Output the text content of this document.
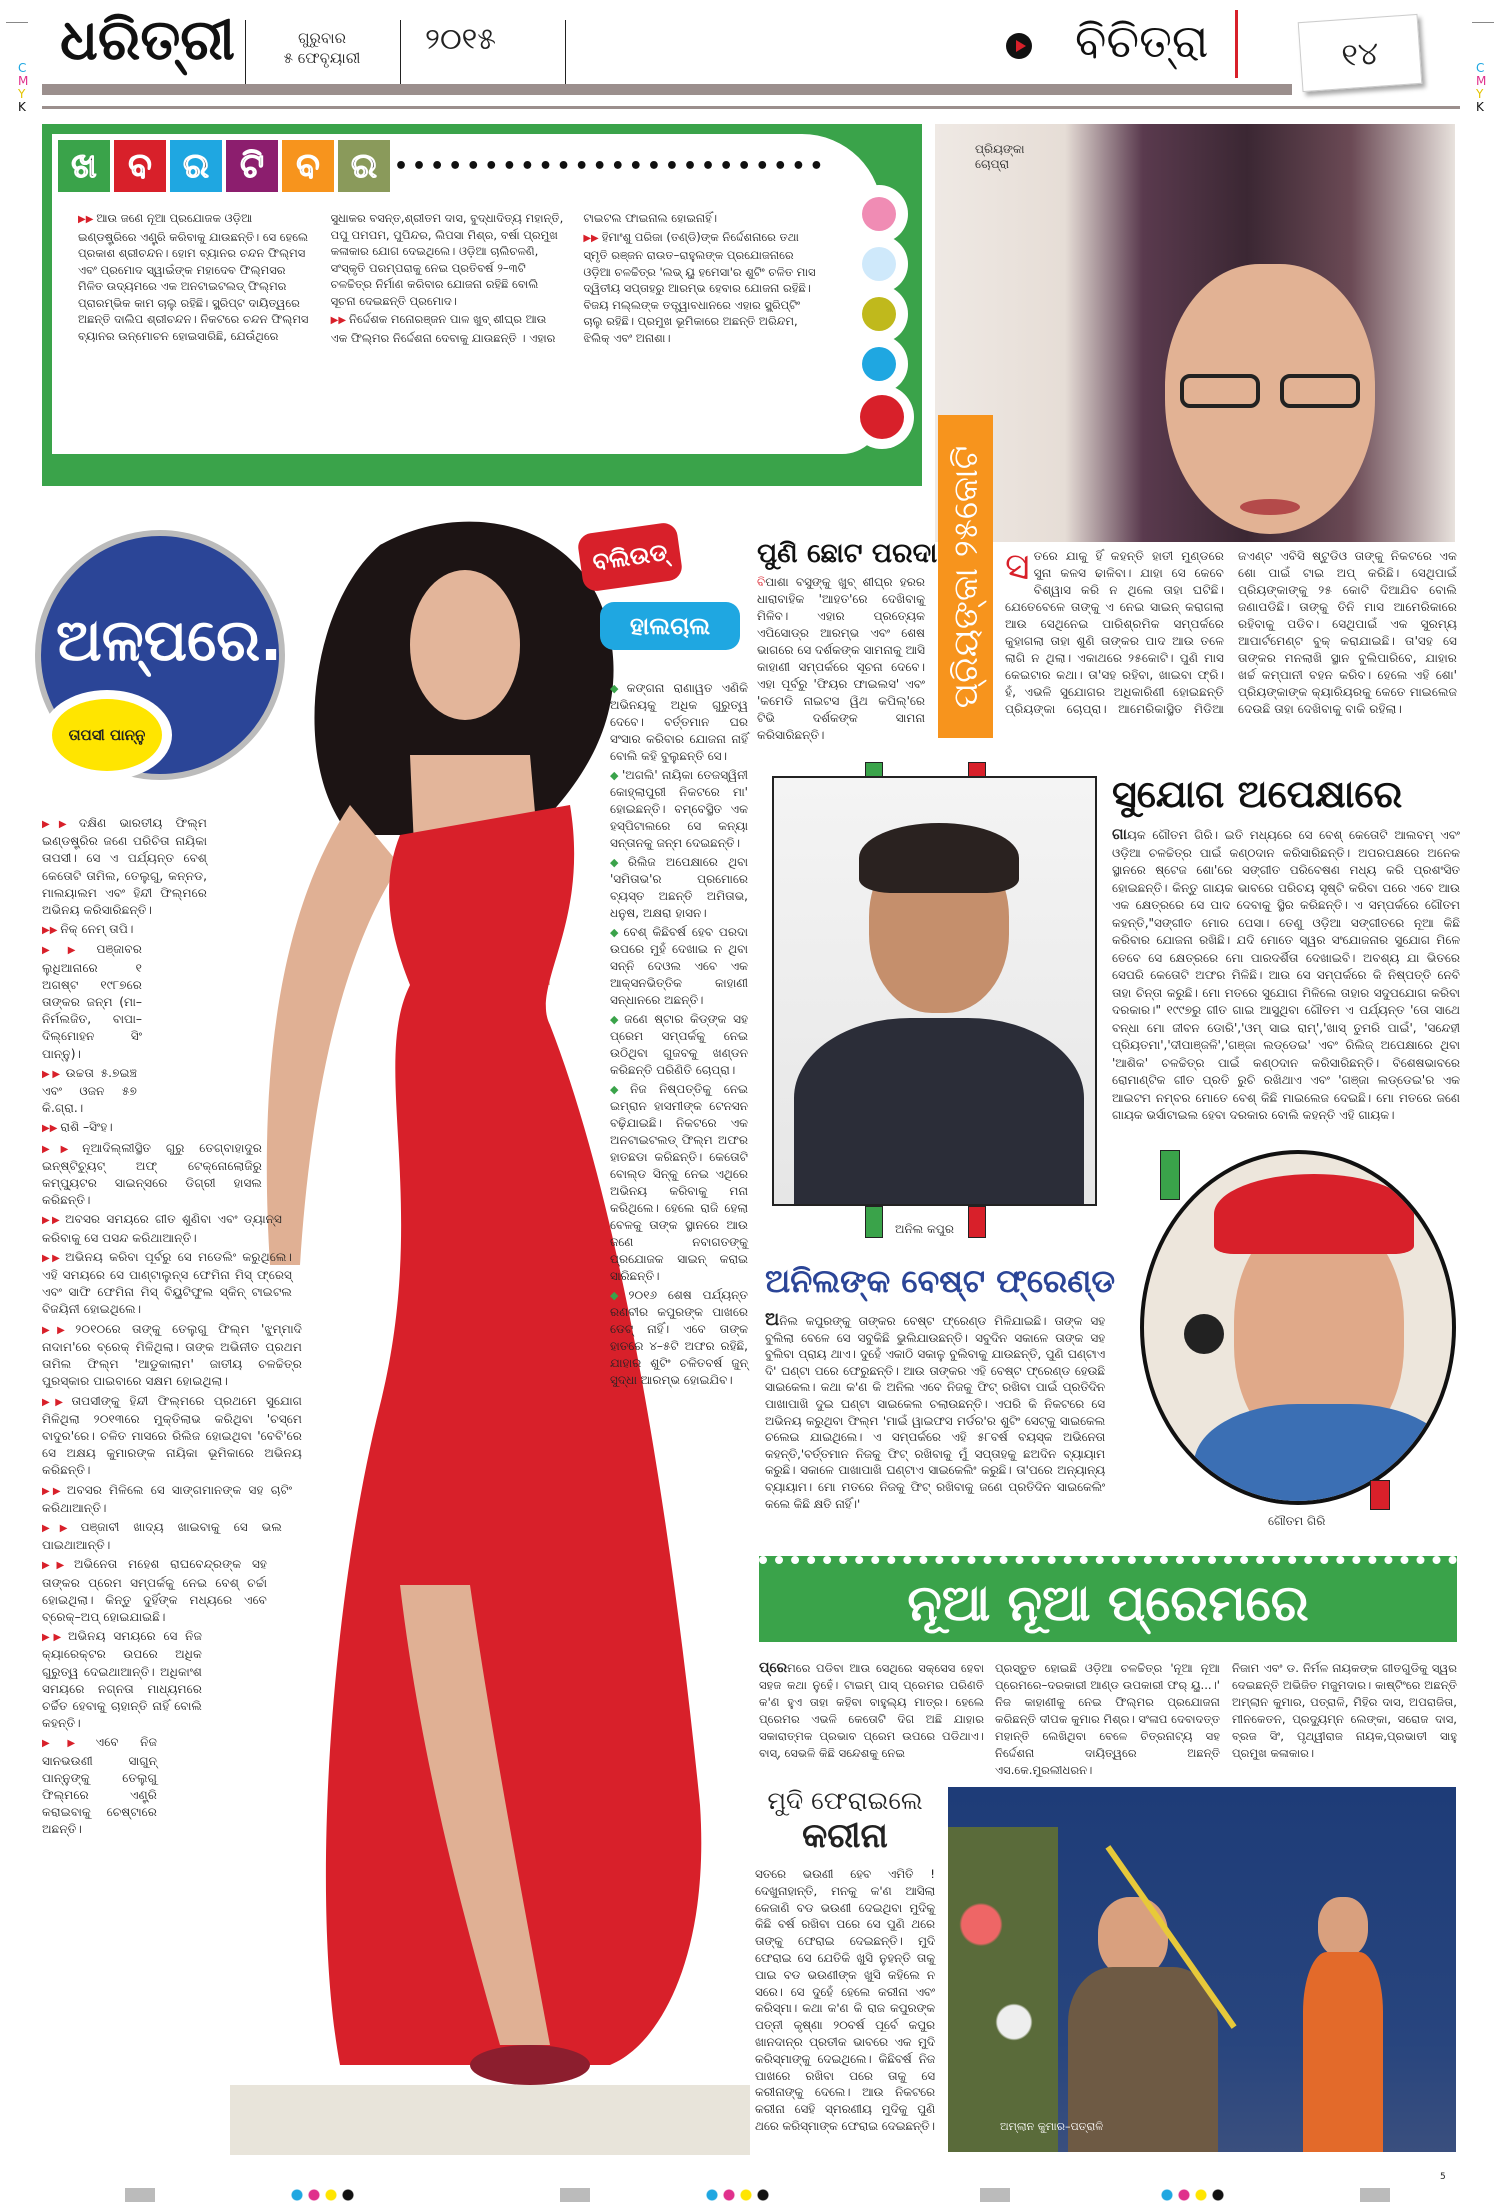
C
M
Y
K
C
M
Y
K
ଧରିତ୍ରୀ	ଗୁରୁବାର
୫ ଫେବୃୟାରୀ
୨୦୧୫	ବିଚିତ୍ରା	୧୪
ଖ ବ ର ଟି ବ ର ••••••••••••••••••••••••

▶▶ ଆଉ ଜଣେ ନୂଆ ପ୍ରଯୋଜକ ଓଡ଼ିଆ ଇଣ୍ଡଷ୍ଟ୍ରିରେ ଏଣ୍ଟ୍ରି କରିବାକୁ ଯାଉଛନ୍ତି। ସେ ହେଲେ ପ୍ରକାଶ ଶ୍ରୀଚନ୍ଦନ। ହୋମ ବ୍ୟାନର ଚନ୍ଦନ ଫିଲ୍ମସ ଏବଂ ପ୍ରମୋଦ ସ୍ୱାଇଁଙ୍କ ମହାଦେବ ଫିଲ୍ମସର ମିଳିତ ଉଦ୍ୟମରେ ଏକ ଅନଟାଇଟଲଡ୍ ଫିଲ୍ମର ପ୍ରାରମ୍ଭିକ କାମ ଚାଲୁ ରହିଛି। ସ୍କ୍ରିପ୍ଟ ଦାୟିତ୍ୱରେ ଅଛନ୍ତି ଦାଲିପ ଶ୍ରୀଚନ୍ଦନ। ନିକଟରେ ଚନ୍ଦନ ଫିଲ୍ମସ ବ୍ୟାନର ଉନ୍ମୋଚନ ହୋଇସାରିଛି, ଯେଉଁଥିରେ ସୁଧାକର ବସନ୍ତ,ଶ୍ରୀତମ ଦାସ, ବୁଦ୍ଧାଦିତ୍ୟ ମହାନ୍ତି, ପପୁ ପମପମ, ପୁପିନ୍ଦର, ଲିପସା ମିଶ୍ର, ବର୍ଷା ପ୍ରମୁଖ କଳାକାର ଯୋଗ ଦେଇଥିଲେ। ଓଡ଼ିଆ ଚାଲିଚଳଣି, ସଂସ୍କୃତି ପରମ୍ପରାକୁ ନେଇ ପ୍ରତିବର୍ଷ ୨–୩ଟି ଚଳଚ୍ଚିତ୍ର ନିର୍ମାଣ କରିବାର ଯୋଜନା ରହିଛି ବୋଲି ସୂଚନା ଦେଇଛନ୍ତି ପ୍ରମୋଦ।

▶▶ ନିର୍ଦ୍ଦେଶକ ମନୋରଞ୍ଜନ ପାଳ ଖୁବ୍ ଶୀଘ୍ର ଆଉ ଏକ ଫିଲ୍ମର ନିର୍ଦ୍ଦେଶନା ଦେବାକୁ ଯାଉଛନ୍ତି । ଏହାର ଟାଇଟଲ ଫାଇନାଲ ହୋଇନାହିଁ।

▶▶ ହିମାଂଶୁ ପରିଜା (ତଣ୍ଡି)ଙ୍କ ନିର୍ଦ୍ଦେଶନାରେ ତଥା ସ୍ମୃତି ରଞ୍ଜନ ରାଉତ–ରାହୁଲଙ୍କ ପ୍ରଯୋଜନାରେ ଓଡ଼ିଆ ଚଳଚ୍ଚିତ୍ର 'ଲଭ୍ ୟୁ ହମେସା'ର ଶୁଟିଂ ଚଳିତ ମାସ ଦ୍ୱିତୀୟ ସପ୍ତାହରୁ ଆରମ୍ଭ ହେବାର ଯୋଜନା ରହିଛି। ବିଜୟ ମଲ୍ଲଙ୍କ ତତ୍ତ୍ୱାବଧାନରେ ଏହାର ସ୍କ୍ରିପ୍ଟିଂ ଚାଲୁ ରହିଛି। ପ୍ରମୁଖ ଭୂମିକାରେ ଅଛନ୍ତି ଅରିନ୍ଦମ, ଝିଲିକ୍ ଏବଂ ଅନାଶା।

ପ୍ରିୟଙ୍କା ଚୋପ୍ରା
ପ୍ରିୟଙ୍କା ୨୫କୋଟି ସତରେ ଯାକୁ ହିଁ କହନ୍ତି ହାତୀ ମୁଣ୍ଡରେ ସୁନା କଳସ ଢାଳିବା। ଯାହା ସେ କେବେ ବିଶ୍ୱାସ କରି ନ ଥିଲେ ତାହା ଘଟିଛି। ଯେତେବେଳେ ତାଙ୍କୁ ଏ ନେଇ ସାଇନ୍ କରାଗଲା ଆଉ ସେଥିନେଇ ପାରିଶ୍ରମିକ ସମ୍ପର୍କରେ କୁହାଗଲା ତାହା ଶୁଣି ତାଙ୍କର ପାଦ ଆଉ ତଳେ ଲାଗି ନ ଥିଲା। ଏକାଥରେ ୨୫କୋଟି। ପୁଣି ମାସ କେଇଟାର କଥା। ତା'ସହ ରହିବା, ଖାଇବା ଫ୍ରି। ହଁ, ଏଭଳି ସୁଯୋଗର ଅଧିକାରିଣୀ ହୋଇଛନ୍ତି ପ୍ରିୟଙ୍କା ଚୋପ୍ରା। ଆମେରିକାସ୍ଥିତ ମିଡିଆ ଜଏଣ୍ଟ ଏବିସି ଷ୍ଟୁଡିଓ ତାଙ୍କୁ ନିକଟରେ ଏକ ଶୋ ପାଇଁ ଟାଇ ଅପ୍ କରିଛି। ସେଥିପାଇଁ ପ୍ରିୟଙ୍କାଙ୍କୁ ୨୫ କୋଟି ଦିଆଯିବ ବୋଲି ଜଣାପଡିଛି। ତାଙ୍କୁ ତିନି ମାସ ଆମେରିକାରେ ରହିବାକୁ ପଡିବ। ସେଥିପାଇଁ ଏକ ସୁରମ୍ୟ ଆପାର୍ଟମେଣ୍ଟ ବୁକ୍ କରାଯାଇଛି। ତା'ସହ ସେ ତାଙ୍କର ମନଲାଖି ସ୍ଥାନ ବୁଲିପାରିବେ, ଯାହାର ଖର୍ଚ୍ଚ କମ୍ପାନୀ ବହନ କରିବ। ହେଲେ ଏହି ଶୋ' ପ୍ରିୟଙ୍କାଙ୍କ କ୍ୟାରିୟରକୁ କେତେ ମାଇଲେଜ ଦେଉଛି ତାହା ଦେଖିବାକୁ ବାକି ରହିଲା।
ଅଳ୍ପରେ..
ତାପସୀ ପାନ୍ନୁ

▶▶ ଦକ୍ଷିଣ ଭାରତୀୟ ଫିଲ୍ମ ଇଣ୍ଡଷ୍ଟ୍ରିର ଜଣେ ପରିଚିତା ନାୟିକା ତାପସୀ। ସେ ଏ ପର୍ଯ୍ୟନ୍ତ ବେଶ୍ କେତୋଟି ତାମିଲ, ତେଲୁଗୁ, କନ୍ନଡ, ମାଲୟାଲମ ଏବଂ ହିନ୍ଦୀ ଫିଲ୍ମରେ ଅଭିନୟ କରିସାରିଛନ୍ତି।

▶▶ ନିକ୍ ନେମ୍ ତାପି।

▶▶ ପଞ୍ଜାବର ଲୁଧିଆନାରେ ୧ ଅଗଷ୍ଟ ୧୯୮୭ରେ ତାଙ୍କର ଜନ୍ମ (ମା–ନିର୍ମଲଜିତ, ବାପା–ଦିଲ୍‌ମୋହନ ସିଂ ପାନ୍ନୁ)।

▶▶ ଉଚ୍ଚତା ୫.୭ଇଞ୍ଚ ଏବଂ ଓଜନ ୫୭ କି.ଗ୍ରା.।

▶▶ ରାଶି –ସିଂହ।

▶▶ ନୂଆଦିଲ୍ଲୀସ୍ଥିତ ଗୁରୁ ତେଗ୍‌ବାହାଦୁର ଇନ୍‌ଷ୍ଟିଚ୍ୟୁଟ୍ ଅଫ୍ ଟେକ୍ନୋଲୋଜିରୁ କମ୍ପ୍ୟୁଟର ସାଇନ୍ସରେ ଡିଗ୍ରୀ ହାସଲ କରିଛନ୍ତି।

▶▶ ଅବସର ସମୟରେ ଗୀତ ଶୁଣିବା ଏବଂ ଡ୍ୟାନ୍ସ କରିବାକୁ ସେ ପସନ୍ଦ କରିଥାଆନ୍ତି।

▶▶ ଅଭିନୟ କରିବା ପୂର୍ବରୁ ସେ ମଡେଲିଂ କରୁଥିଲେ। ଏହି ସମୟରେ ସେ ପାଣ୍ଟାଲୁନ୍ସ ଫେମିନା ମିସ୍ ଫ୍ରେସ୍ ଏବଂ ସାଫି ଫେମିନା ମିସ୍ ବିୟୁଟିଫୁଲ ସ୍କିନ୍ ଟାଇଟଲ ବିଜୟିନୀ ହୋଇଥିଲେ।

▶▶ ୨୦୧୦ରେ ତାଙ୍କୁ ତେଲୁଗୁ ଫିଲ୍ମ 'ଝୁମ୍ମାଦି ନାଦାମ'ରେ ବ୍ରେକ୍ ମିଳିଥିଲା। ତାଙ୍କ ଅଭିନୀତ ପ୍ରଥମ ତାମିଲ ଫିଲ୍ମ 'ଆଡୁକାଲାମ' ଜାତୀୟ ଚଳଚ୍ଚିତ୍ର ପୁରସ୍କାର ପାଇବାରେ ସକ୍ଷମ ହୋଇଥିଲା।

▶▶ ତାପସୀଙ୍କୁ ହିନ୍ଦୀ ଫିଲ୍ମରେ ପ୍ରଥମେ ସୁଯୋଗ ମିଳିଥିଲା ୨୦୧୩ରେ ମୁକ୍ତିଲାଭ କରିଥିବା 'ଚସ୍‌ମେ ବାଦୁର'ରେ। ଚଳିତ ମାସରେ ରିଲିଜ ହୋଇଥିବା 'ବେବି'ରେ ସେ ଅକ୍ଷୟ କୁମାରଙ୍କ ନାୟିକା ଭୂମିକାରେ ଅଭିନୟ କରିଛନ୍ତି।

▶▶ ଅବସର ମିଳିଲେ ସେ ସାଙ୍ଗମାନଙ୍କ ସହ ଚାଟିଂ କରିଥାଆନ୍ତି।

▶▶ ପଞ୍ଜାବୀ ଖାଦ୍ୟ ଖାଇବାକୁ ସେ ଭଲ ପାଇଥାଆନ୍ତି।

▶▶ ଅଭିନେତା ମହେଶ ରାଘବେନ୍ଦ୍ରଙ୍କ ସହ ତାଙ୍କର ପ୍ରେମ ସମ୍ପର୍କକୁ ନେଇ ବେଶ୍ ଚର୍ଚ୍ଚା ହୋଇଥିଲା। କିନ୍ତୁ ଦୁହିଁଙ୍କ ମଧ୍ୟରେ ଏବେ ବ୍ରେକ୍–ଅପ୍ ହୋଇଯାଇଛି।

▶▶ ଅଭିନୟ ସମୟରେ ସେ ନିଜ କ୍ୟାରେକ୍ଟର ଉପରେ ଅଧିକ ଗୁରୁତ୍ୱ ଦେଇଥାଆନ୍ତି। ଅଧିକାଂଶ ସମୟରେ ନଗ୍ନତା ମାଧ୍ୟମରେ ଚର୍ଚ୍ଚିତ ହେବାକୁ ଚାହାନ୍ତି ନାହିଁ ବୋଲି କହନ୍ତି।

▶▶ ଏବେ ନିଜ ସାନଭଉଣୀ ସାଗୁନ୍ ପାନ୍ନୁଙ୍କୁ ତେଲୁଗୁ ଫିଲ୍ମରେ ଏଣ୍ଟ୍ରି କରାଇବାକୁ ଚେଷ୍ଟାରେ ଅଛନ୍ତି।

ବଲିଉଡ୍
ହାଲଚାଲ

◆ କଙ୍ଗନା ରାଣାୱତ ଏଣିକି ଅଭିନୟକୁ ଅଧିକ ଗୁରୁତ୍ୱ ଦେବେ। ବର୍ତ୍ତମାନ ଘର ସଂସାର କରିବାର ଯୋଜନା ନାହିଁ ବୋଲି କହି ବୁଲୁଛନ୍ତି ସେ।

◆ 'ଅଗଲି' ନାୟିକା ତେଜସ୍ୱିନୀ କୋହ୍ଲାପୁରୀ ନିକଟରେ ମା' ହୋଇଛନ୍ତି। ବମ୍ବେସ୍ଥିତ ଏକ ହସ୍‌ପିଟାଲରେ ସେ କନ୍ୟା ସନ୍ତାନକୁ ଜନ୍ମ ଦେଇଛନ୍ତି।

◆ ରିଲିଜ ଅପେକ୍ଷାରେ ଥିବା 'ସମିତାଭ'ର ପ୍ରମୋରେ ବ୍ୟସ୍ତ ଅଛନ୍ତି ଅମିତାଭ, ଧନୁଷ, ଅକ୍ଷରା ହାସନ।

◆ ବେଶ୍ କିଛିବର୍ଷ ହେବ ପରଦା ଉପରେ ମୁହଁ ଦେଖାଇ ନ ଥିବା ସନ୍ନି ଦେଓଲ ଏବେ ଏକ ଆକ୍ସନଭିତ୍ତିକ କାହାଣୀ ସନ୍ଧାନରେ ଅଛନ୍ତି।

◆ ଜଣେ ଷ୍ଟାର କିଡ୍‌ଙ୍କ ସହ ପ୍ରେମ ସମ୍ପର୍କକୁ ନେଇ ଉଠିଥିବା ଗୁଜବକୁ ଖଣ୍ଡନ କରିଛନ୍ତି ପରିଣିତି ଚୋପ୍ରା।

◆ ନିଜ ନିଷ୍ପତ୍ତିକୁ ନେଇ ଇମ୍ରାନ ହାସମୀଙ୍କ ଟେନସନ ବଢ଼ିଯାଇଛି। ନିକଟରେ ଏକ ଅନଟାଇଟଲଡ୍ ଫିଲ୍ମ ଅଫର ହାତଛଡା କରିଛନ୍ତି। କେତୋଟି ବୋଲ୍ଡ ସିନ୍‌କୁ ନେଇ ଏଥିରେ ଅଭିନୟ କରିବାକୁ ମନା କରିଥିଲେ। ହେଲେ ରାଜି ହେଲା ବେଳକୁ ତାଙ୍କ ସ୍ଥାନରେ ଆଉ ଜଣେ ନବାଗତଙ୍କୁ ପ୍ରଯୋଜକ ସାଇନ୍ କରାଇ ସାରିଛନ୍ତି।

◆ ୨୦୧୬ ଶେଷ ପର୍ଯ୍ୟନ୍ତ ରଣବୀର କପୁରଙ୍କ ପାଖରେ ଡେଟ୍ ନାହିଁ। ଏବେ ତାଙ୍କ ହାତରେ ୪–୫ଟି ଅଫର ରହିଛି, ଯାହାର ଶୁଟିଂ ଚଳିତବର୍ଷ ଜୁନ୍ ସୁଦ୍ଧା ଆରମ୍ଭ ହୋଇଯିବ।

ପୁଣି ଛୋଟ ପରଦା
ବିପାଶା ବସୁଙ୍କୁ ଖୁବ୍ ଶୀଘ୍ର ହରର ଧାରାବାହିକ 'ଆହତ'ରେ ଦେଖିବାକୁ ମିଳିବ। ଏହାର ପ୍ରତ୍ୟେକ ଏପିସୋଡ୍‌ର ଆରମ୍ଭ ଏବଂ ଶେଷ ଭାଗରେ ସେ ଦର୍ଶକଙ୍କ ସାମନାକୁ ଆସି କାହାଣୀ ସମ୍ପର୍କରେ ସୂଚନା ଦେବେ। ଏହା ପୂର୍ବରୁ 'ଫିୟର ଫାଇଲସ' ଏବଂ 'କମେଡି ନାଇଟସ ୱିଥ କପିଲ୍'ରେ ଟିଭି ଦର୍ଶକଙ୍କ ସାମନା କରିସାରିଛନ୍ତି।
ଅନିଲ କପୁର
ସୁଯୋଗ ଅପେକ୍ଷାରେ
ଗାୟକ ଗୌତମ ଗିରି। ଇତି ମଧ୍ୟରେ ସେ ବେଶ୍ କେତୋଟି ଆଲବମ୍ ଏବଂ ଓଡ଼ିଆ ଚଳଚ୍ଚିତ୍ର ପାଇଁ କଣ୍ଠଦାନ କରିସାରିଛନ୍ତି। ଅପରପକ୍ଷରେ ଅନେକ ସ୍ଥାନରେ ଷ୍ଟେଜ ଶୋ'ରେ ସଙ୍ଗୀତ ପରିବେଷଣ ମଧ୍ୟ କରି ପ୍ରଶଂସିତ ହୋଇଛନ୍ତି। କିନ୍ତୁ ଗାୟକ ଭାବରେ ପରିଚୟ ସୃଷ୍ଟି କରିବା ପରେ ଏବେ ଆଉ ଏକ କ୍ଷେତ୍ରରେ ସେ ପାଦ ଦେବାକୁ ସ୍ଥିର କରିଛନ୍ତି। ଏ ସମ୍ପର୍କରେ ଗୌତମ କହନ୍ତି,"ସଙ୍ଗୀତ ମୋର ପେସା। ତେଣୁ ଓଡ଼ିଆ ସଙ୍ଗୀତରେ ନୂଆ କିଛି କରିବାର ଯୋଜନା ରଖିଛି। ଯଦି ମୋତେ ସ୍ୱର ସଂଯୋଜନାର ସୁଯୋଗ ମିଳେ ତେବେ ସେ କ୍ଷେତ୍ରରେ ମୋ ପାରଦର୍ଶିତା ଦେଖାଇବି। ଅବଶ୍ୟ ଯା ଭିତରେ ସେପରି କେତୋଟି ଅଫର ମିଳିଛି। ଆଉ ସେ ସମ୍ପର୍କରେ କି ନିଷ୍ପତ୍ତି ନେବି ତାହା ଚିନ୍ତା କରୁଛି। ମୋ ମତରେ ସୁଯୋଗ ମିଳିଲେ ତାହାର ସଦୁପଯୋଗ କରିବା ଦରକାର।" ୧୯୯୭ରୁ ଗୀତ ଗାଇ ଆସୁଥିବା ଗୌତମ ଏ ପର୍ଯ୍ୟନ୍ତ 'ତୋ ସାଥେ ବନ୍ଧା ମୋ ଜୀବନ ଡୋରି','ଓମ୍ ସାଇ ରାମ୍','ଖାସ୍ ତୁମରି ପାଇଁ', 'ସନ୍ଦେହୀ ପ୍ରିୟତମା','ଦୀପାଞ୍ଜଳି','ଗଞ୍ଜା ଲଡ୍ଡେଇ' ଏବଂ ରିଲିଜ୍ ଅପେକ୍ଷାରେ ଥିବା 'ଆଶିକ' ଚଳଚ୍ଚିତ୍ର ପାଇଁ କଣ୍ଠଦାନ କରିସାରିଛନ୍ତି। ବିଶେଷଭାବରେ ରୋମାଣ୍ଟିକ ଗୀତ ପ୍ରତି ରୁଚି ରଖିଥାଏ ଏବଂ 'ଗଞ୍ଜା ଲଡ୍ଡେଇ'ର ଏକ ଆଇଟମ ନମ୍ବର ମୋତେ ବେଶ୍ କିଛି ମାଇଲେଜ ଦେଇଛି। ମୋ ମତରେ ଜଣେ ଗାୟକ ଭର୍ସାଟାଇଲ ହେବା ଦରକାର ବୋଲି କହନ୍ତି ଏହି ଗାୟକ।
ଅନିଲଙ୍କ ବେଷ୍ଟ ଫ୍ରେଣ୍ଡ
ଅନିଲ କପୁରଙ୍କୁ ତାଙ୍କର ବେଷ୍ଟ ଫ୍ରେଣ୍ଡ ମିଳିଯାଇଛି। ତାଙ୍କ ସହ ବୁଲିଲା ବେଳେ ସେ ସବୁକିଛି ଭୁଲିଯାଉଛନ୍ତି। ସବୁଦିନ ସକାଳେ ତାଙ୍କ ସହ ବୁଲିବା ପ୍ରାୟ ଥାଏ। ଦୁହେଁ ଏକାଠି ସକାଳୁ ବୁଲିବାକୁ ଯାଉଛନ୍ତି, ପୁଣି ଘଣ୍ଟାଏ ଦି' ଘଣ୍ଟା ପରେ ଫେରୁଛନ୍ତି। ଆଉ ତାଙ୍କର ଏହି ବେଷ୍ଟ ଫ୍ରେଣ୍ଡ ହେଉଛି ସାଇକେଲ। କଥା କ'ଣ କି ଅନିଲ ଏବେ ନିଜକୁ ଫିଟ୍ ରଖିବା ପାଇଁ ପ୍ରତିଦିନ ପାଖାପାଖି ଦୁଇ ଘଣ୍ଟା ସାଇକେଲ ଚଲାଉଛନ୍ତି। ଏପରି କି ନିକଟରେ ସେ ଅଭିନୟ କରୁଥିବା ଫିଲ୍ମ 'ମାଇଁ ୱାଇଫସ ମର୍ଡର'ର ଶୁଟିଂ ସେଟ୍‌କୁ ସାଇକେଲ ଚଲେଇ ଯାଇଥିଲେ। ଏ ସମ୍ପର୍କରେ ଏହି ୫୮ବର୍ଷ ବୟସ୍କ ଅଭିନେତା କହନ୍ତି,'ବର୍ତ୍ତମାନ ନିଜକୁ ଫିଟ୍ ରଖିବାକୁ ମୁଁ ସପ୍ତାହକୁ ଛଅଦିନ ବ୍ୟାୟାମ କରୁଛି। ସକାଳେ ପାଖାପାଖି ଘଣ୍ଟାଏ ସାଇକେଲିଂ କରୁଛି। ତା'ପରେ ଅନ୍ୟାନ୍ୟ ବ୍ୟାୟାମ। ମୋ ମତରେ ନିଜକୁ ଫିଟ୍ ରଖିବାକୁ ଜଣେ ପ୍ରତିଦିନ ସାଇକେଲିଂ କଲେ କିଛି କ୍ଷତି ନାହିଁ।'
ଗୌତମ ଗିରି
ନୂଆ ନୂଆ ପ୍ରେମରେ
ପ୍ରେମରେ ପଡିବା ଆଉ ସେଥିରେ ସକ୍‌ସେସ ହେବା ସହଜ କଥା ନୁହେଁ। ଟାଇମ୍ ପାସ୍ ପ୍ରେମର ପରିଣତି କ'ଣ ହୁଏ ତାହା କହିବା ବାହୁଲ୍ୟ ମାତ୍ର। ହେଲେ ପ୍ରେମର ଏଭଳି କେତୋଟି ଦିଗ ଅଛି ଯାହାର ସକାରାତ୍ମକ ପ୍ରଭାବ ପ୍ରେମ ଉପରେ ପଡିଥାଏ। ବାସ୍, ସେଭଳି କିଛି ସନ୍ଦେଶକୁ ନେଇ
ପ୍ରସ୍ତୁତ ହୋଇଛି ଓଡ଼ିଆ ଚଳଚ୍ଚିତ୍ର 'ନୂଆ ନୂଆ ପ୍ରେମରେ–ଦରକାରୀ ଆଣ୍ଡ ଉପକାରୀ ଫର୍ ୟୁ...।' ନିଜ କାହାଣୀକୁ ନେଇ ଫିଲ୍ମର ପ୍ରଯୋଜନା କରିଛନ୍ତି ଦୀପକ କୁମାର ମିଶ୍ର। ସଂଳାପ ଦେବାଦତ୍ତ ମହାନ୍ତି ଲେଖିଥିବା ବେଳେ ଚିତ୍ରନାଟ୍ୟ ସହ ନିର୍ଦ୍ଦେଶନା ଦାୟିତ୍ୱରେ ଅଛନ୍ତି ଏସ.କେ.ମୁରଲୀଧରନ।
ନିଜାମ ଏବଂ ଡ. ନିର୍ମଳ ନାୟକଙ୍କ ଗୀତଗୁଡିକୁ ସ୍ୱର ଦେଇଛନ୍ତି ଅଭିଜିତ ମଜୁମଦାର। କାଷ୍ଟିଂରେ ଅଛନ୍ତି ଅମ୍ଲାନ କୁମାର, ପତ୍ରାଳି, ମିହିର ଦାସ, ଅପରାଜିତା, ମୀନକେତନ, ପ୍ରଦ୍ୟୁମ୍ନ ଲେଙ୍କା, ସରୋଜ ଦାସ, ବ୍ରଜ ସିଂ, ପୃଥ୍ୱୀରାଜ ନାୟକ,ପ୍ରଭାତୀ ସାହୁ ପ୍ରମୁଖ କଳାକାର।
ମୁଦି ଫେରାଇଲେ
କରୀନା
ସତରେ ଭଉଣୀ ହେବ ଏମିତି ! ଦେଖୁନାହାନ୍ତି, ମନକୁ କ'ଣ ଆସିଲା କେଜାଣି ବଡ ଭଉଣୀ ଦେଇଥିବା ମୁଦିକୁ କିଛି ବର୍ଷ ରଖିବା ପରେ ସେ ପୁଣି ଥରେ ତାଙ୍କୁ ଫେରାଇ ଦେଇଛନ୍ତି। ମୁଦି ଫେରାଇ ସେ ଯେତିକି ଖୁସି ନୁହନ୍ତି ତାକୁ ପାଇ ବଡ ଭଉଣୀଙ୍କ ଖୁସି କହିଲେ ନ ସରେ। ସେ ଦୁହେଁ ହେଲେ କରୀନା ଏବଂ କରିସ୍ମା। କଥା କ'ଣ କି ରାଜ କପୁରଙ୍କ ପତ୍ନୀ କୃଷ୍ଣା ୨୦ବର୍ଷ ପୂର୍ବେ କପୁର ଖାନଦାନ୍‌ର ପ୍ରତୀକ ଭାବରେ ଏକ ମୁଦି କରିସ୍ମାଙ୍କୁ ଦେଇଥିଲେ। କିଛିବର୍ଷ ନିଜ ପାଖରେ ରଖିବା ପରେ ତାକୁ ସେ କରୀନାଙ୍କୁ ଦେଲେ। ଆଉ ନିକଟରେ କରୀନା ସେହି ସ୍ମରଣୀୟ ମୁଦିକୁ ପୁଣି ଥରେ କରିସ୍ମାଙ୍କ ଫେରାଇ ଦେଇଛନ୍ତି।	ଅମ୍ଲାନ କୁମାର–ପତ୍ରାଳି
5
